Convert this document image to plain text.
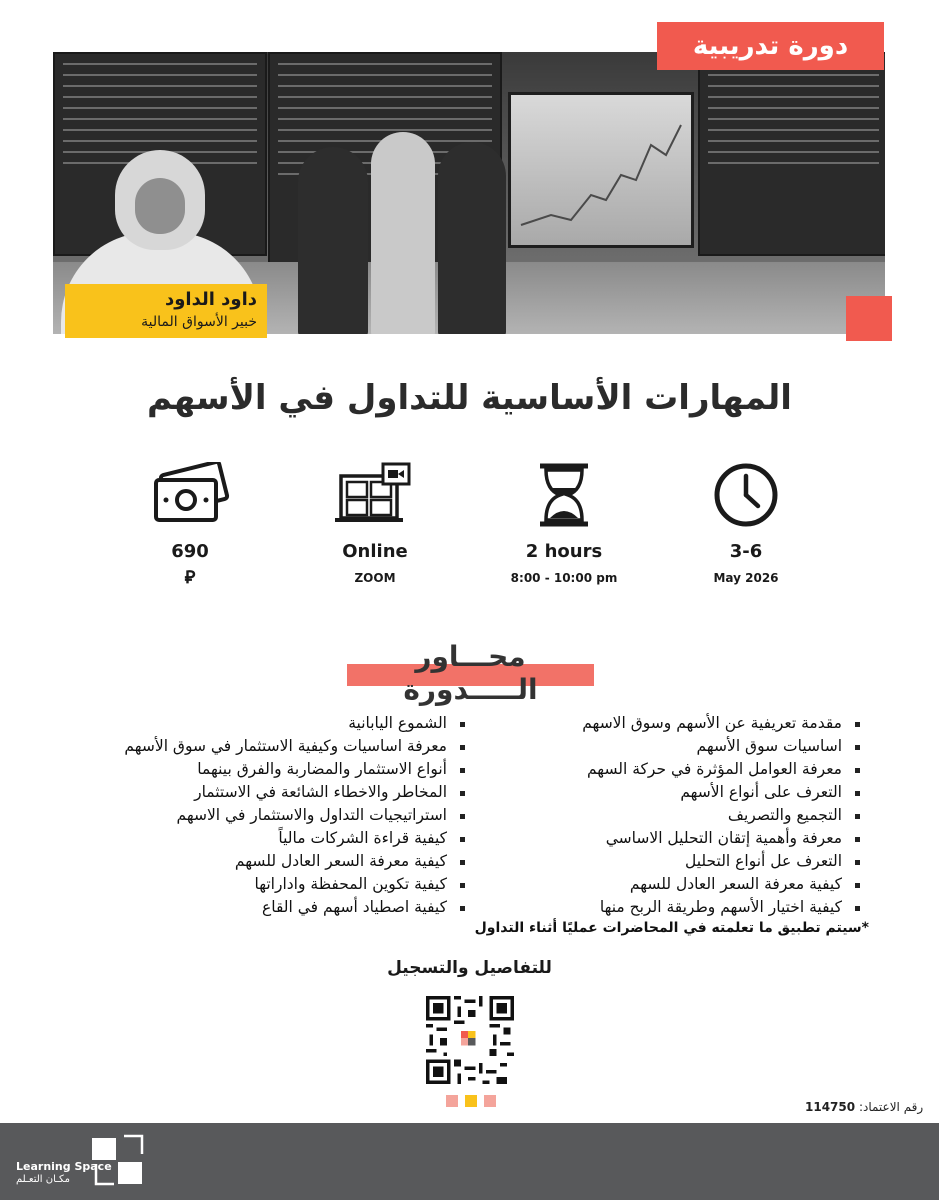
دورة تدريبية
داود الداود
خبير الأسواق المالية
المهارات الأساسية للتداول في الأسهم
690
⃁
Online
ZOOM
2 hours
8:00 - 10:00 pm
3-6
May 2026
محـــاور الـــــدورة
مقدمة تعريفية عن الأسهم وسوق الاسهم
اساسيات سوق الأسهم
معرفة العوامل المؤثرة في حركة السهم
التعرف على أنواع الأسهم
التجميع والتصريف
معرفة وأهمية إتقان التحليل الاساسي
التعرف عل أنواع التحليل
كيفية معرفة السعر العادل للسهم
كيفية اختيار الأسهم وطريقة الربح منها
الشموع اليابانية
معرفة اساسيات وكيفية الاستثمار في سوق الأسهم
أنواع الاستثمار والمضاربة والفرق بينهما
المخاطر والاخطاء الشائعة في الاستثمار
استراتيجيات التداول والاستثمار في الاسهم
كيفية قراءة الشركات مالياً
كيفية معرفة السعر العادل للسهم
كيفية تكوين المحفظة واداراتها
كيفية اصطياد أسهم في القاع
*سيتم تطبيق ما تعلمته في المحاضرات عمليًا أثناء التداول
للتفاصيل والتسجيل
رقم الاعتماد: 114750
Learning Space
مكـان التعـلم
